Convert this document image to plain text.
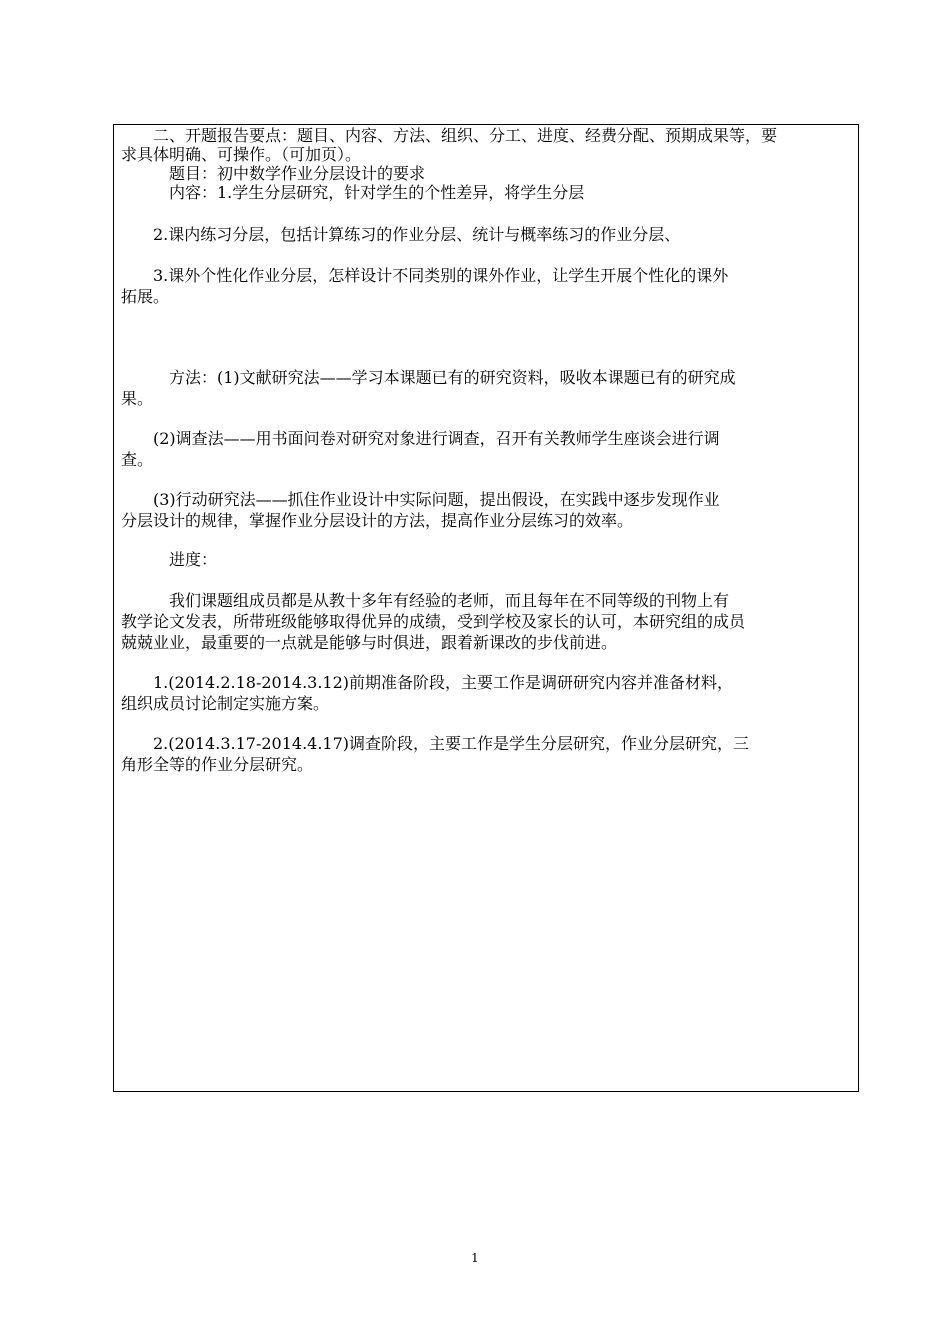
　　二、开题报告要点：题目、内容、方法、组织、分工、进度、经费分配、预期成果等，要
求具体明确、可操作。（可加页）。
　　　题目：初中数学作业分层设计的要求
　　　内容：1.学生分层研究，针对学生的个性差异，将学生分层
　　2.课内练习分层，包括计算练习的作业分层、统计与概率练习的作业分层、
　　3.课外个性化作业分层，怎样设计不同类别的课外作业，让学生开展个性化的课外
拓展。
　　　方法：(1)文献研究法——学习本课题已有的研究资料，吸收本课题已有的研究成
果。
　　(2)调查法——用书面问卷对研究对象进行调查，召开有关教师学生座谈会进行调
查。
　　(3)行动研究法——抓住作业设计中实际问题，提出假设，在实践中逐步发现作业
分层设计的规律，掌握作业分层设计的方法，提高作业分层练习的效率。
　　　进度：
　　　我们课题组成员都是从教十多年有经验的老师，而且每年在不同等级的刊物上有
教学论文发表，所带班级能够取得优异的成绩，受到学校及家长的认可，本研究组的成员
兢兢业业，最重要的一点就是能够与时俱进，跟着新课改的步伐前进。
　　1.(2014.2.18-2014.3.12)前期准备阶段，主要工作是调研研究内容并准备材料，
组织成员讨论制定实施方案。
　　2.(2014.3.17-2014.4.17)调查阶段，主要工作是学生分层研究，作业分层研究，三
角形全等的作业分层研究。
1
